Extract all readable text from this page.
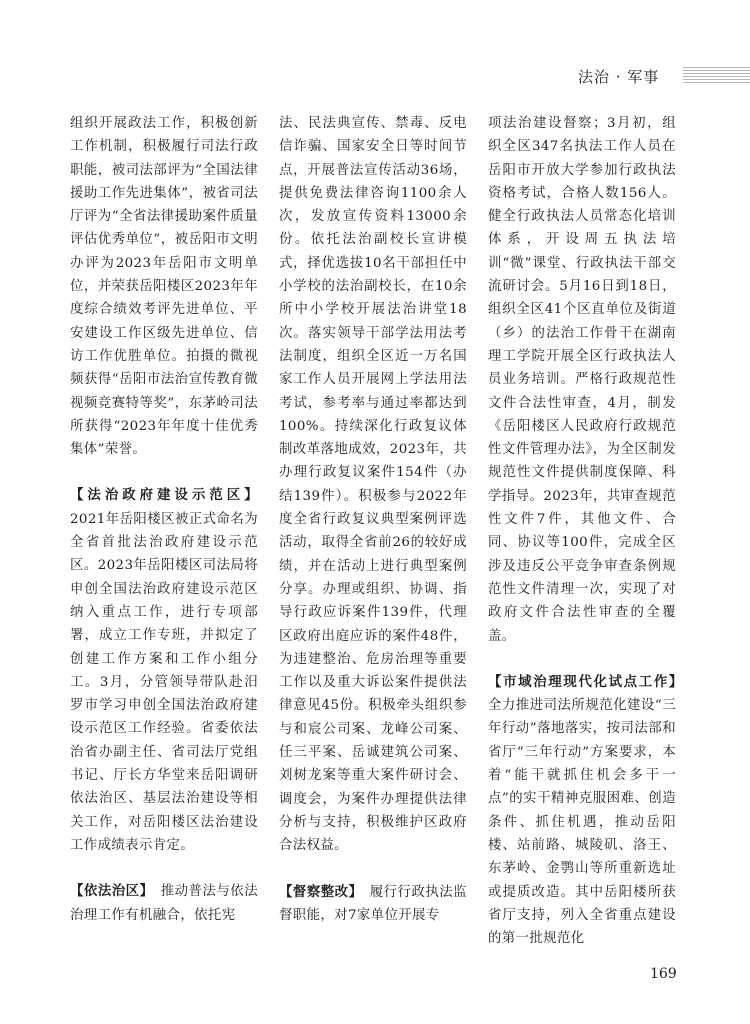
法治 · 军事

组织开展政法工作，积极创新工作机制，积极履行司法行政职能，被司法部评为“全国法律援助工作先进集体”，被省司法厅评为“全省法律援助案件质量评估优秀单位”，被岳阳市文明办评为2023年岳阳市文明单位，并荣获岳阳楼区2023年年度综合绩效考评先进单位、平安建设工作区级先进单位、信访工作优胜单位。拍摄的微视频获得“岳阳市法治宣传教育微视频竞赛特等奖”，东茅岭司法所获得“2023年年度十佳优秀集体”荣誉。

【法治政府建设示范区】 2021年岳阳楼区被正式命名为全省首批法治政府建设示范区。2023年岳阳楼区司法局将申创全国法治政府建设示范区纳入重点工作，进行专项部署，成立工作专班，并拟定了创建工作方案和工作小组分工。3月，分管领导带队赴汨罗市学习申创全国法治政府建设示范区工作经验。省委依法治省办副主任、省司法厅党组书记、厅长方华堂来岳阳调研依法治区、基层法治建设等相关工作，对岳阳楼区法治建设工作成绩表示肯定。

【依法治区】　 推动普法与依法治理工作有机融合，依托宪

法、民法典宣传、禁毒、反电信诈骗、国家安全日等时间节点，开展普法宣传活动36场，提供免费法律咨询1100余人次，发放宣传资料13000余份。依托法治副校长宣讲模式，择优选拔10名干部担任中小学校的法治副校长，在10余所中小学校开展法治讲堂18次。落实领导干部学法用法考法制度，组织全区近一万名国家工作人员开展网上学法用法考试，参考率与通过率都达到100%。持续深化行政复议体制改革落地成效，2023年，共办理行政复议案件154件（办结139件）。积极参与2022年度全省行政复议典型案例评选活动，取得全省前26的较好成绩，并在活动上进行典型案例分享。办理或组织、协调、指导行政应诉案件139件，代理区政府出庭应诉的案件48件，为违建整治、危房治理等重要工作以及重大诉讼案件提供法律意见45份。积极牵头组织参与和宸公司案、龙峰公司案、任三平案、岳诚建筑公司案、刘树龙案等重大案件研讨会、调度会，为案件办理提供法律分析与支持，积极维护区政府合法权益。

【督察整改】　 履行行政执法监督职能，对7家单位开展专

项法治建设督察；3月初，组织全区347名执法工作人员在岳阳市开放大学参加行政执法资格考试，合格人数156人。健全行政执法人员常态化培训体系，开设周五执法培训“微”课堂、行政执法干部交流研讨会。5月16日到18日，组织全区41个区直单位及街道（乡）的法治工作骨干在湖南理工学院开展全区行政执法人员业务培训。严格行政规范性文件合法性审查，4月，制发《岳阳楼区人民政府行政规范性文件管理办法》，为全区制发规范性文件提供制度保障、科学指导。2023年，共审查规范性文件7件，其他文件、合同、协议等100件，完成全区涉及违反公平竞争审查条例规范性文件清理一次，实现了对政府文件合法性审查的全覆盖。

【市域治理现代化试点工作】　全力推进司法所规范化建设“三年行动”落地落实，按司法部和省厅“三年行动”方案要求，本着“能干就抓住机会多干一点”的实干精神克服困难、创造条件、抓住机遇，推动岳阳楼、站前路、城陵矶、洛王、东茅岭、金鹗山等所重新选址或提质改造。其中岳阳楼所获省厅支持，列入全省重点建设的第一批规范化

169
